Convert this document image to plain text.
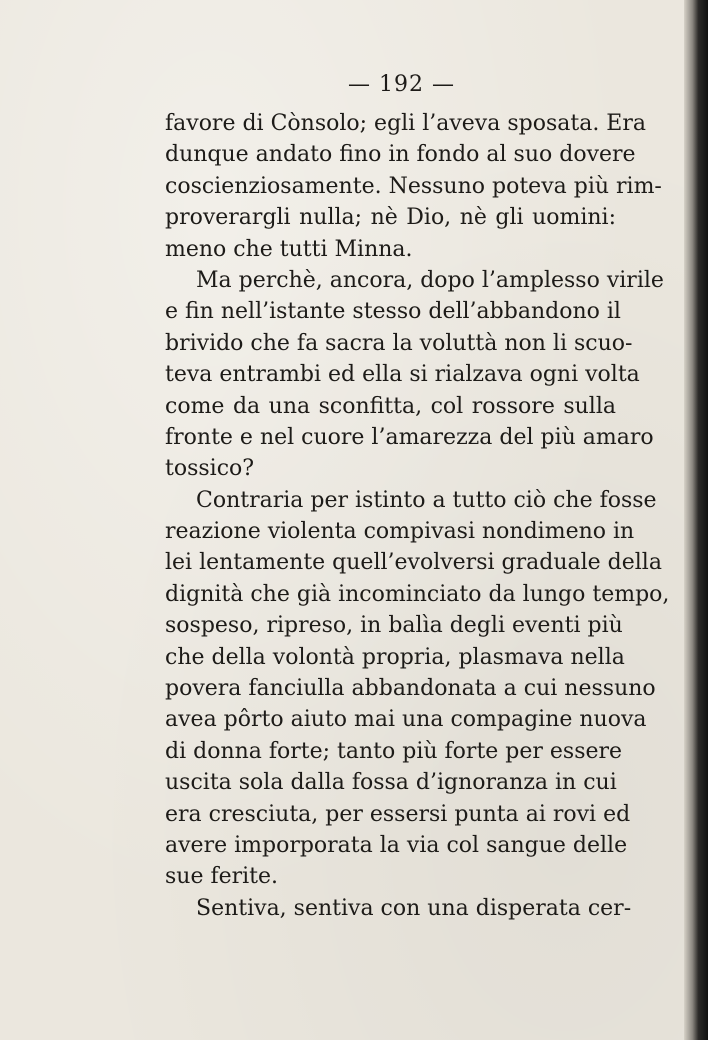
— 192 —
favore di Cònsolo; egli l’aveva sposata. Era
dunque andato fino in fondo al suo dovere
coscienziosamente. Nessuno poteva più rim-
proverargli nulla; nè Dio, nè gli uomini:
meno che tutti Minna.
Ma perchè, ancora, dopo l’amplesso virile
e fin nell’istante stesso dell’abbandono il
brivido che fa sacra la voluttà non li scuo-
teva entrambi ed ella si rialzava ogni volta
come da una sconfitta, col rossore sulla
fronte e nel cuore l’amarezza del più amaro
tossico?
Contraria per istinto a tutto ciò che fosse
reazione violenta compivasi nondimeno in
lei lentamente quell’evolversi graduale della
dignità che già incominciato da lungo tempo,
sospeso, ripreso, in balìa degli eventi più
che della volontà propria, plasmava nella
povera fanciulla abbandonata a cui nessuno
avea pôrto aiuto mai una compagine nuova
di donna forte; tanto più forte per essere
uscita sola dalla fossa d’ignoranza in cui
era cresciuta, per essersi punta ai rovi ed
avere imporporata la via col sangue delle
sue ferite.
Sentiva, sentiva con una disperata cer-
